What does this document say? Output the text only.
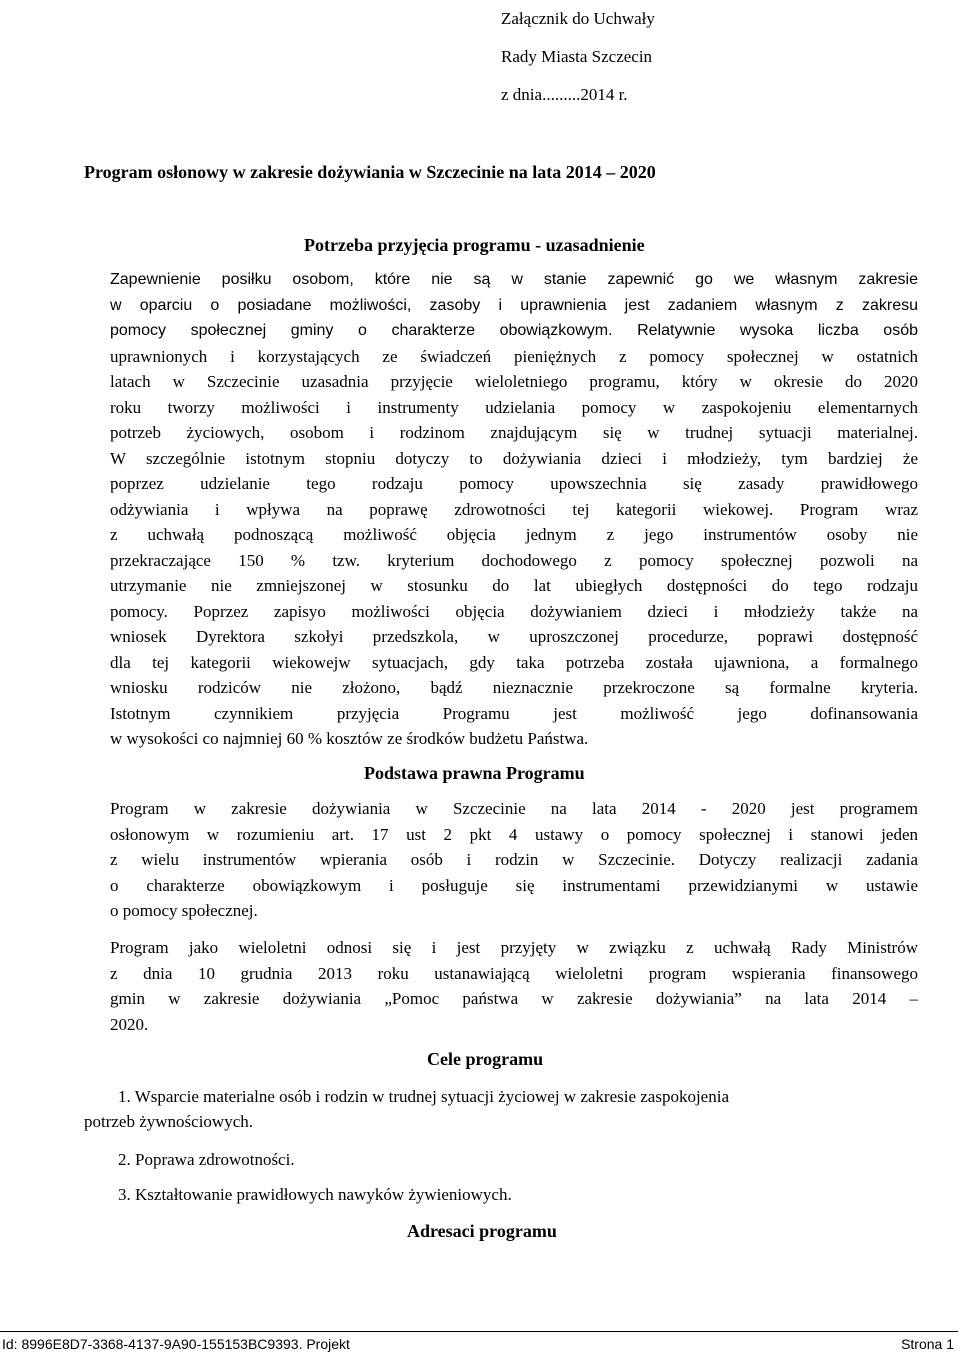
Załącznik do Uchwały
Rady Miasta Szczecin
z dnia.........2014 r.
Program osłonowy w zakresie dożywiania w Szczecinie na lata 2014 – 2020
Potrzeba przyjęcia programu - uzasadnienie
Zapewnienie posiłku osobom, które nie są w stanie zapewnić go we własnym zakresie
w oparciu o posiadane możliwości, zasoby i uprawnienia jest zadaniem własnym z zakresu
pomocy społecznej gminy o charakterze obowiązkowym. Relatywnie wysoka liczba osób
uprawnionych i korzystających ze świadczeń pieniężnych z pomocy społecznej w ostatnich
latach w Szczecinie uzasadnia przyjęcie wieloletniego programu, który w okresie do 2020
roku tworzy możliwości i instrumenty udzielania pomocy w zaspokojeniu elementarnych
potrzeb życiowych, osobom i rodzinom znajdującym się w trudnej sytuacji materialnej.
W szczególnie istotnym stopniu dotyczy to dożywiania dzieci i młodzieży, tym bardziej że
poprzez udzielanie tego rodzaju pomocy upowszechnia się zasady prawidłowego
odżywiania i wpływa na poprawę zdrowotności tej kategorii wiekowej. Program wraz
z uchwałą podnoszącą możliwość objęcia jednym z jego instrumentów osoby nie
przekraczające 150 % tzw. kryterium dochodowego z pomocy społecznej pozwoli na
utrzymanie nie zmniejszonej w stosunku do lat ubiegłych dostępności do tego rodzaju
pomocy. Poprzez zapisyo możliwości objęcia dożywianiem dzieci i młodzieży także na
wniosek Dyrektora szkołyi przedszkola, w uproszczonej procedurze, poprawi dostępność
dla tej kategorii wiekowejw sytuacjach, gdy taka potrzeba została ujawniona, a formalnego
wniosku rodziców nie złożono, bądź nieznacznie przekroczone są formalne kryteria.
Istotnym czynnikiem przyjęcia Programu jest możliwość jego dofinansowania
w wysokości co najmniej 60 % kosztów ze środków budżetu Państwa.
Podstawa prawna Programu
Program w zakresie dożywiania w Szczecinie na lata 2014 - 2020 jest programem
osłonowym w rozumieniu art. 17 ust 2 pkt 4 ustawy o pomocy społecznej i stanowi jeden
z wielu instrumentów wpierania osób i rodzin w Szczecinie. Dotyczy realizacji zadania
o charakterze obowiązkowym i posługuje się instrumentami przewidzianymi w ustawie
o pomocy społecznej.
Program jako wieloletni odnosi się i jest przyjęty w związku z uchwałą Rady Ministrów
z dnia 10 grudnia 2013 roku ustanawiającą wieloletni program wspierania finansowego
gmin w zakresie dożywiania „Pomoc państwa w zakresie dożywiania” na lata 2014 –
2020.
Cele programu
1. Wsparcie materialne osób i rodzin w trudnej sytuacji życiowej w zakresie zaspokojenia
potrzeb żywnościowych.
2. Poprawa zdrowotności.
3. Kształtowanie prawidłowych nawyków żywieniowych.
Adresaci programu
Id: 8996E8D7-3368-4137-9A90-155153BC9393. Projekt	Strona 1
